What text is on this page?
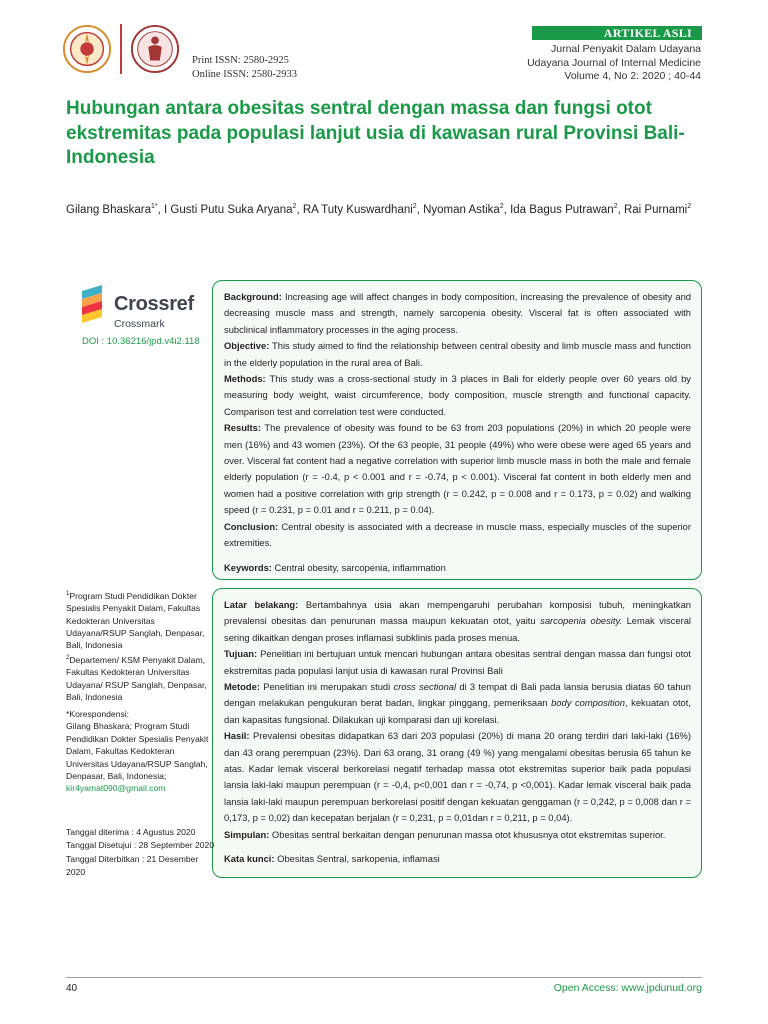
Print ISSN: 2580-2925
Online ISSN: 2580-2933
ARTIKEL ASLI
Jurnal Penyakit Dalam Udayana
Udayana Journal of Internal Medicine
Volume 4, No 2: 2020 ; 40-44
Hubungan antara obesitas sentral dengan massa dan fungsi otot ekstremitas pada populasi lanjut usia di kawasan rural Provinsi Bali-Indonesia
Gilang Bhaskara$^{1*}$, I Gusti Putu Suka Aryana$^2$, RA Tuty Kuswardhani$^2$, Nyoman Astika$^2$, Ida Bagus Putrawan$^2$, Rai Purnami$^2$
Crossref
Crossmark
DOI : 10.36216/jpd.v4i2.118

Background: Increasing age will affect changes in body composition, increasing the prevalence of obesity and decreasing muscle mass and strength, namely sarcopenia obesity. Visceral fat is often associated with subclinical inflammatory processes in the aging process.

Objective: This study aimed to find the relationship between central obesity and limb muscle mass and function in the elderly population in the rural area of Bali.

Methods: This study was a cross-sectional study in 3 places in Bali for elderly people over 60 years old by measuring body weight, waist circumference, body composition, muscle strength and functional capacity. Comparison test and correlation test were conducted.

Results: The prevalence of obesity was found to be 63 from 203 populations (20%) in which 20 people were men (16%) and 43 women (23%). Of the 63 people, 31 people (49%) who were obese were aged 65 years and over. Visceral fat content had a negative correlation with superior limb muscle mass in both the male and female elderly population (r = -0.4, p < 0.001 and r = -0.74, p < 0.001). Visceral fat content in both elderly men and women had a positive correlation with grip strength (r = 0.242, p = 0.008 and r = 0.173, p = 0.02) and walking speed (r = 0.231, p = 0.01 and r = 0.211, p = 0.04).

Conclusion: Central obesity is associated with a decrease in muscle mass, especially muscles of the superior extremities.

Keywords: Central obesity, sarcopenia, inflammation

Latar belakang: Bertambahnya usia akan mempengaruhi perubahan komposisi tubuh, meningkatkan prevalensi obesitas dan penurunan massa maupun kekuatan otot, yaitu sarcopenia obesity. Lemak visceral sering dikaitkan dengan proses inflamasi subklinis pada proses menua.

Tujuan: Penelitian ini bertujuan untuk mencari hubungan antara obesitas sentral dengan massa dan fungsi otot ekstremitas pada populasi lanjut usia di kawasan rural Provinsi Bali

Metode: Penelitian ini merupakan studi cross sectional di 3 tempat di Bali pada lansia berusia diatas 60 tahun dengan melakukan pengukuran berat badan, lingkar pinggang, pemeriksaan body composition, kekuatan otot, dan kapasitas fungsional. Dilakukan uji komparasi dan uji korelasi.

Hasil: Prevalensi obesitas didapatkan 63 dari 203 populasi (20%) di mana 20 orang terdiri dari laki-laki (16%) dan 43 orang perempuan (23%). Dari 63 orang, 31 orang (49 %) yang mengalami obesitas berusia 65 tahun ke atas. Kadar lemak visceral berkorelasi negatif terhadap massa otot ekstremitas superior baik pada populasi lansia laki-laki maupun perempuan (r = -0,4, p<0,001 dan r = -0,74, p <0,001). Kadar lemak visceral baik pada lansia laki-laki maupun perempuan berkorelasi positif dengan kekuatan genggaman (r = 0,242, p = 0,008 dan r = 0,173, p = 0,02) dan kecepatan berjalan (r = 0,231, p = 0,01dan r = 0,211, p = 0,04).

Simpulan: Obesitas sentral berkaitan dengan penurunan massa otot khususnya otot ekstremitas superior.

Kata kunci: Obesitas Sentral, sarkopenia, inflamasi

$^1$Program Studi Pendidikan Dokter Spesialis Penyakit Dalam, Fakultas Kedokteran Universitas Udayana/RSUP Sanglah, Denpasar, Bali, Indonesia
$^2$Departemen/ KSM Penyakit Dalam, Fakultas Kedokteran Universitas Udayana/ RSUP Sanglah, Denpasar, Bali, Indonesia
*Korespondensi:
Gilang Bhaskara; Program Studi Pendidikan Dokter Spesialis Penyakit Dalam, Fakultas Kedokteran Universitas Udayana/RSUP Sanglah, Denpasar, Bali, Indonesia;
kir4yamat090@gmail.com
Tanggal diterima : 4 Agustus 2020
Tanggal Disetujui : 28 September 2020
Tanggal Diterbitkan : 21 Desember 2020
40	Open Access: www.jpdunud.org
